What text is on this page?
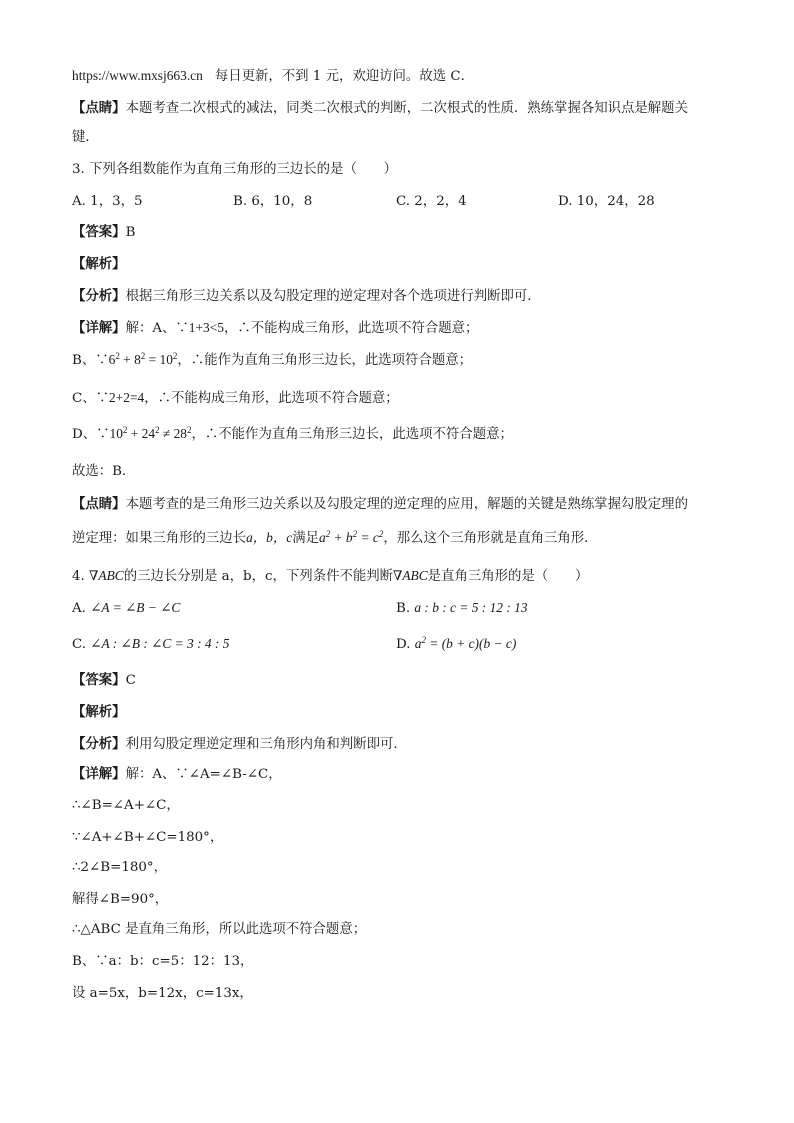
https://www.mxsj663.cn 每日更新，不到 1 元，欢迎访问。故选 C．
【点睛】本题考查二次根式的减法，同类二次根式的判断，二次根式的性质．熟练掌握各知识点是解题关
键．
3. 下列各组数能作为直角三角形的三边长的是（　　）
A. 1，3，5	B. 6，10，8	C. 2，2，4	D. 10，24，28
【答案】B
【解析】
【分析】根据三角形三边关系以及勾股定理的逆定理对各个选项进行判断即可．
【详解】解：A、∵1+3<5，∴不能构成三角形，此选项不符合题意；
B、$\because 6^2 + 8^2 = 10^2$，∴能作为直角三角形三边长，此选项符合题意；
C、∵2+2=4，∴不能构成三角形，此选项不符合题意；
D、$\because 10^2 + 24^2 \ne 28^2$，∴不能作为直角三角形三边长，此选项不符合题意；
故选：B．
【点睛】本题考查的是三角形三边关系以及勾股定理的逆定理的应用，解题的关键是熟练掌握勾股定理的
逆定理：如果三角形的三边长a，b，c满足$a^2 + b^2 = c^2$，那么这个三角形就是直角三角形．
4. ∇ABC的三边长分别是 a，b，c，下列条件不能判断∇ABC是直角三角形的是（　　）
A. ∠A = ∠B − ∠C	B. a : b : c = 5 : 12 : 13
C. ∠A : ∠B : ∠C = 3 : 4 : 5	D. $a^2 = (b + c)(b - c)$
【答案】C
【解析】
【分析】利用勾股定理逆定理和三角形内角和判断即可．
【详解】解：A、∵∠A=∠B-∠C，
∴∠B=∠A+∠C，
∵∠A+∠B+∠C=180°，
∴2∠B=180°，
解得∠B=90°，
∴△ABC 是直角三角形，所以此选项不符合题意；
B、∵a：b：c=5：12：13，
设 a=5x，b=12x，c=13x，
